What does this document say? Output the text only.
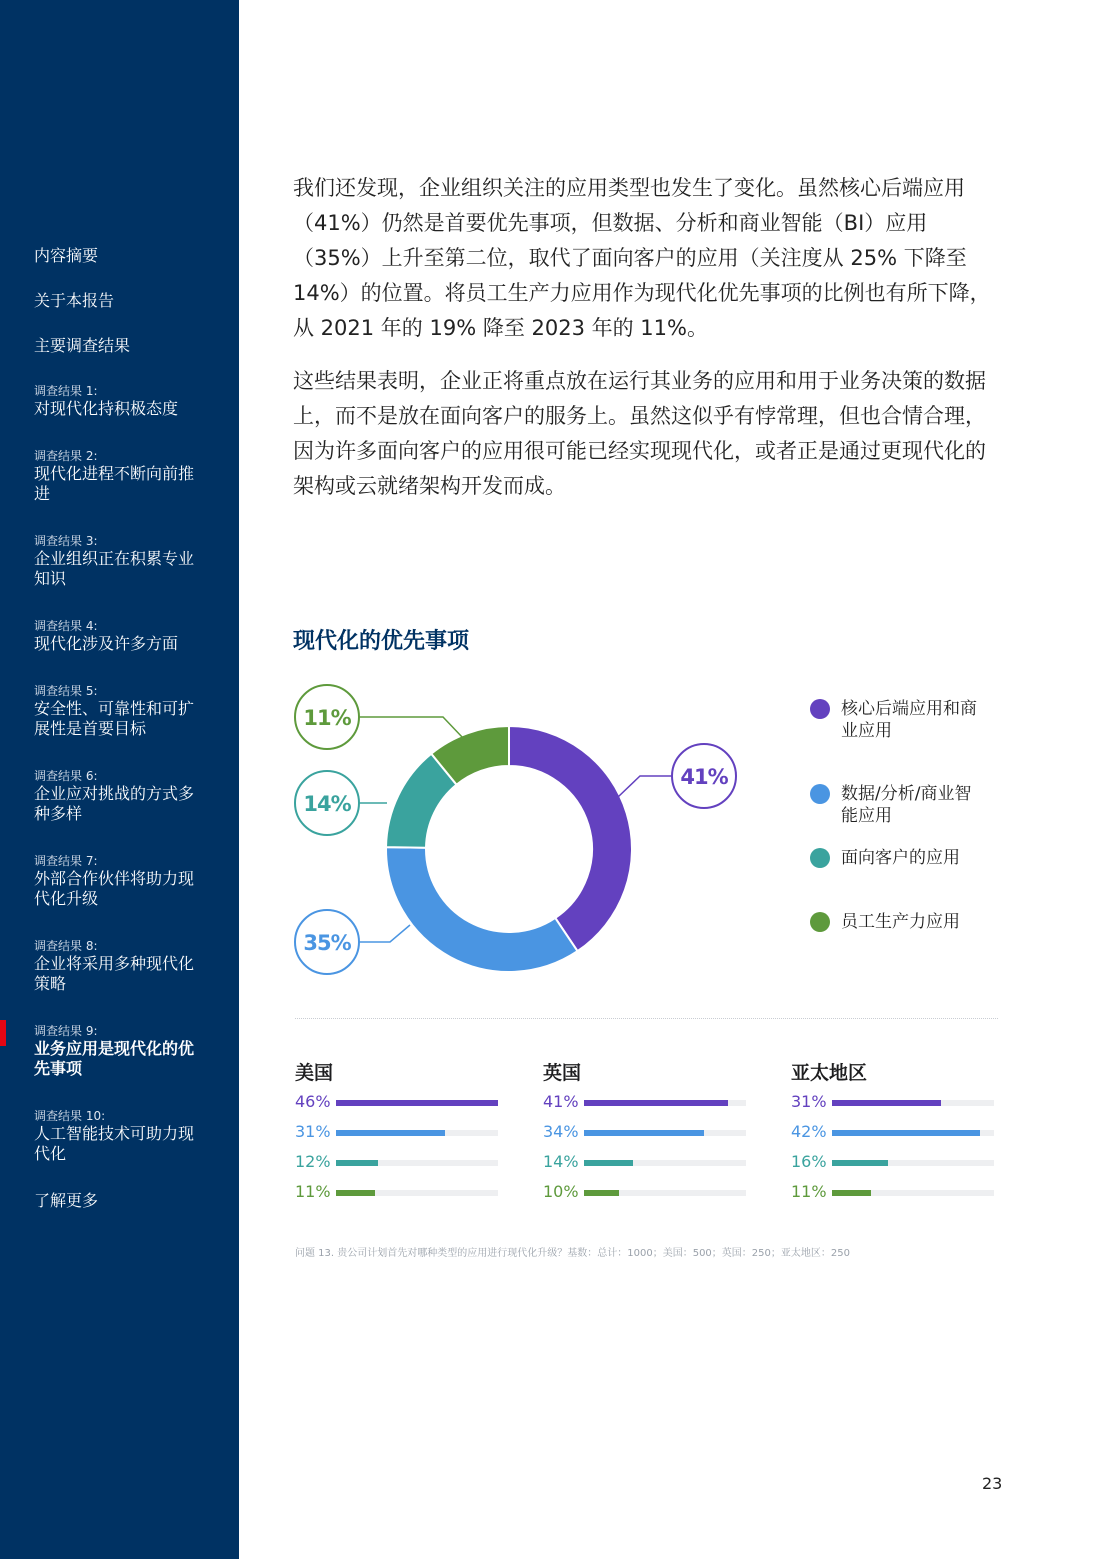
内容摘要
关于本报告
主要调查结果
调查结果 1:
对现代化持积极态度
调查结果 2:
现代化进程不断向前推进
调查结果 3:
企业组织正在积累专业知识
调查结果 4:
现代化涉及许多方面
调查结果 5:
安全性、可靠性和可扩展性是首要目标
调查结果 6:
企业应对挑战的方式多种多样
调查结果 7:
外部合作伙伴将助力现代化升级
调查结果 8:
企业将采用多种现代化策略
调查结果 9:
业务应用是现代化的优先事项
调查结果 10:
人工智能技术可助力现代化
了解更多

我们还发现，企业组织关注的应用类型也发生了变化。虽然核心后端应用（41%）仍然是首要优先事项，但数据、分析和商业智能（BI）应用（35%）上升至第二位，取代了面向客户的应用（关注度从 25% 下降至 14%）的位置。将员工生产力应用作为现代化优先事项的比例也有所下降，从 2021 年的 19% 降至 2023 年的 11%。

这些结果表明，企业正将重点放在运行其业务的应用和用于业务决策的数据上，而不是放在面向客户的服务上。虽然这似乎有悖常理，但也合情合理，因为许多面向客户的应用很可能已经实现现代化，或者正是通过更现代化的架构或云就绪架构开发而成。

现代化的优先事项
41%
35%
14%
11%	核心后端应用和商业应用
数据/分析/商业智能应用
面向客户的应用
员工生产力应用
美国
46%
31%
12%
11%
英国
41%
34%
14%
10%
亚太地区
31%
42%
16%
11%

问题 13. 贵公司计划首先对哪种类型的应用进行现代化升级？基数：总计：1000；美国：500；英国：250；亚太地区：250

23
